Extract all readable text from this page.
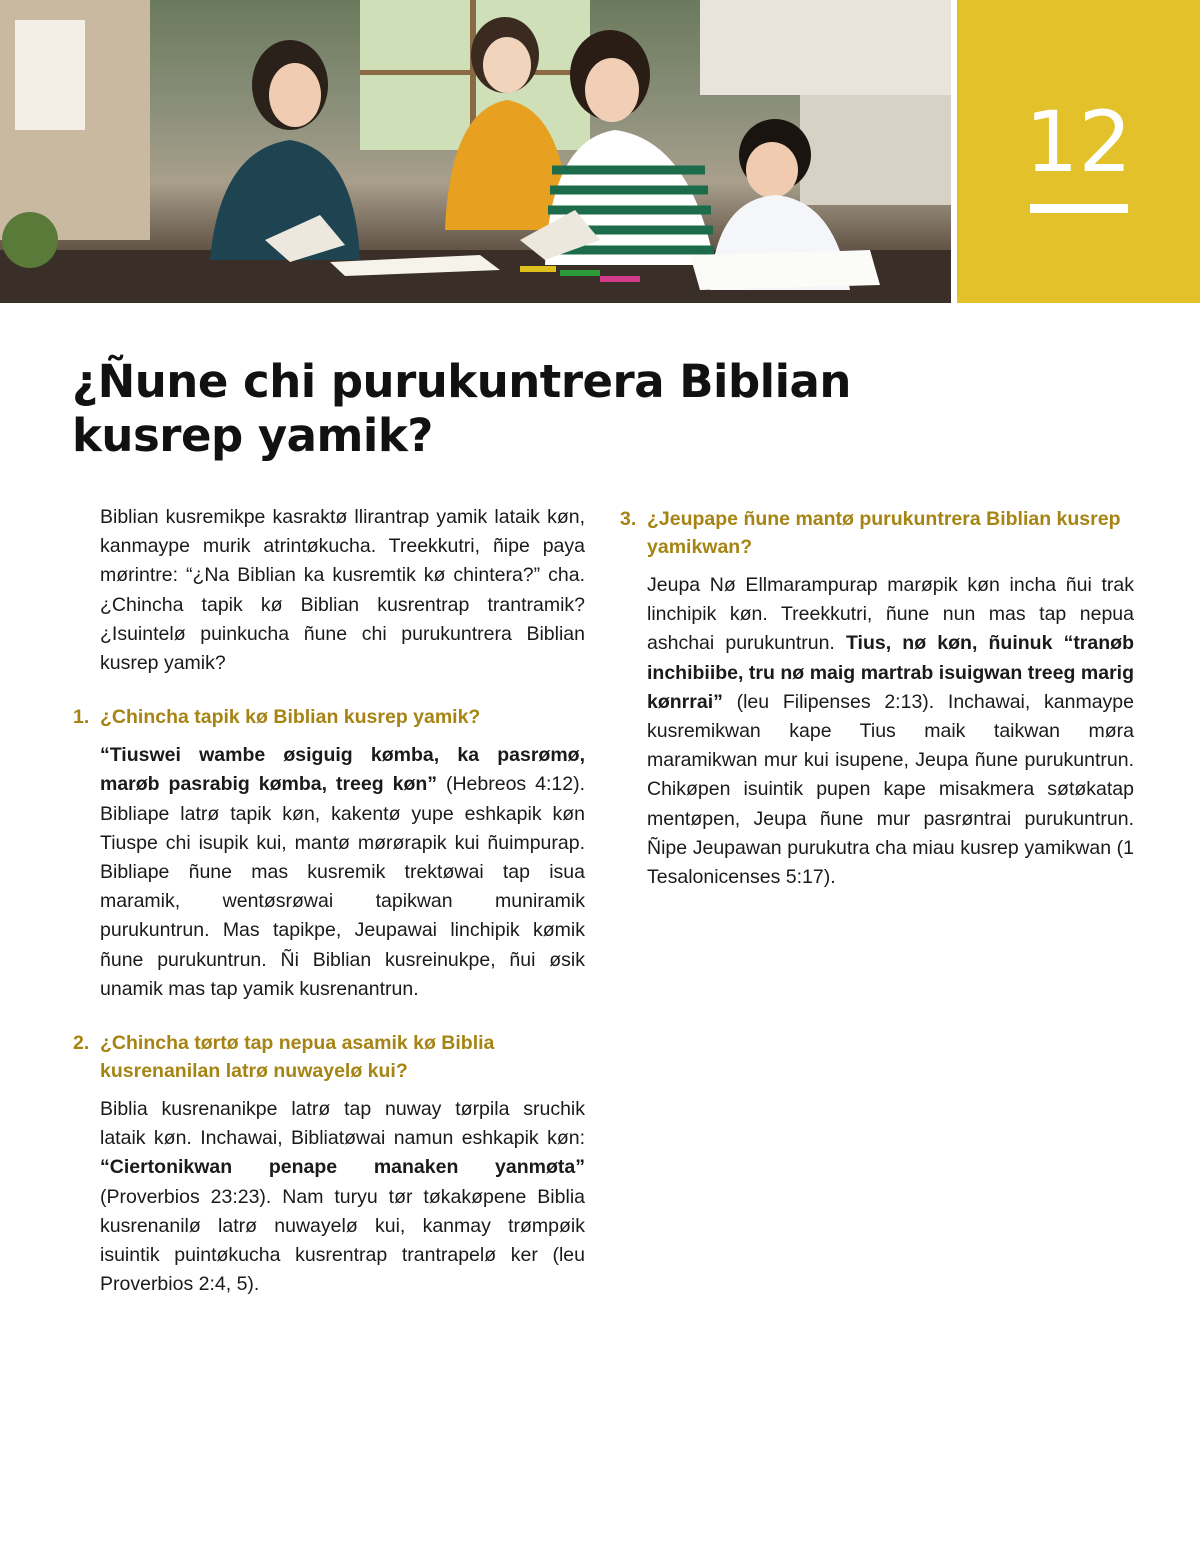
12
¿Ñune chi purukuntrera Biblian kusrep yamik?

Biblian kusremikpe kasraktø llirantrap yamik lataik køn, kanmaype murik atrintøkucha. Treekkutri, ñipe paya mørintre: “¿Na Biblian ka kusremtik kø chintera?” cha. ¿Chincha tapik kø Biblian kusrentrap trantramik? ¿Isuintelø puinkucha ñune chi purukuntrera Biblian kusrep yamik?

1. ¿Chincha tapik kø Biblian kusrep yamik?

“Tiuswei wambe øsiguig kømba, ka pasrømø, marøb pasrabig kømba, treeg køn” (Hebreos 4:12). Bibliape latrø tapik køn, kakentø yupe eshkapik køn Tiuspe chi isupik kui, mantø mørørapik kui ñuimpurap. Bibliape ñune mas kusremik trektøwai tap isua maramik, wentøsrøwai tapikwan muniramik purukuntrun. Mas tapikpe, Jeupawai linchipik kømik ñune purukuntrun. Ñi Biblian kusreinukpe, ñui øsik unamik mas tap yamik kusrenantrun.

2. ¿Chincha tørtø tap nepua asamik kø Biblia kusrenanilan latrø nuwayelø kui?

Biblia kusrenanikpe latrø tap nuway tørpila sruchik lataik køn. Inchawai, Bibliatøwai namun eshkapik køn: “Ciertonikwan penape manaken yanmøta” (Proverbios 23:23). Nam turyu tør tøkakøpene Biblia kusrenanilø latrø nuwayelø kui, kanmay trømpøik isuintik puintøkucha kusrentrap trantrapelø ker (leu Proverbios 2:4, 5).

3. ¿Jeupape ñune mantø purukuntrera Biblian kusrep yamikwan?

Jeupa Nø Ellmarampurap marøpik køn incha ñui trak linchipik køn. Treekkutri, ñune nun mas tap nepua ashchai purukuntrun. Tius, nø køn, ñuinuk “tranøb inchibiibe, tru nø maig martrab isuigwan treeg marig kønrrai” (leu Filipenses 2:13). Inchawai, kanmaype kusremikwan kape Tius maik taikwan møra maramikwan mur kui isupene, Jeupa ñune purukuntrun. Chikøpen isuintik pupen kape misakmera søtøkatap mentøpen, Jeupa ñune mur pasrøntrai purukuntrun. Ñipe Jeupawan purukutra cha miau kusrep yamikwan (1 Tesalonicenses 5:17).
